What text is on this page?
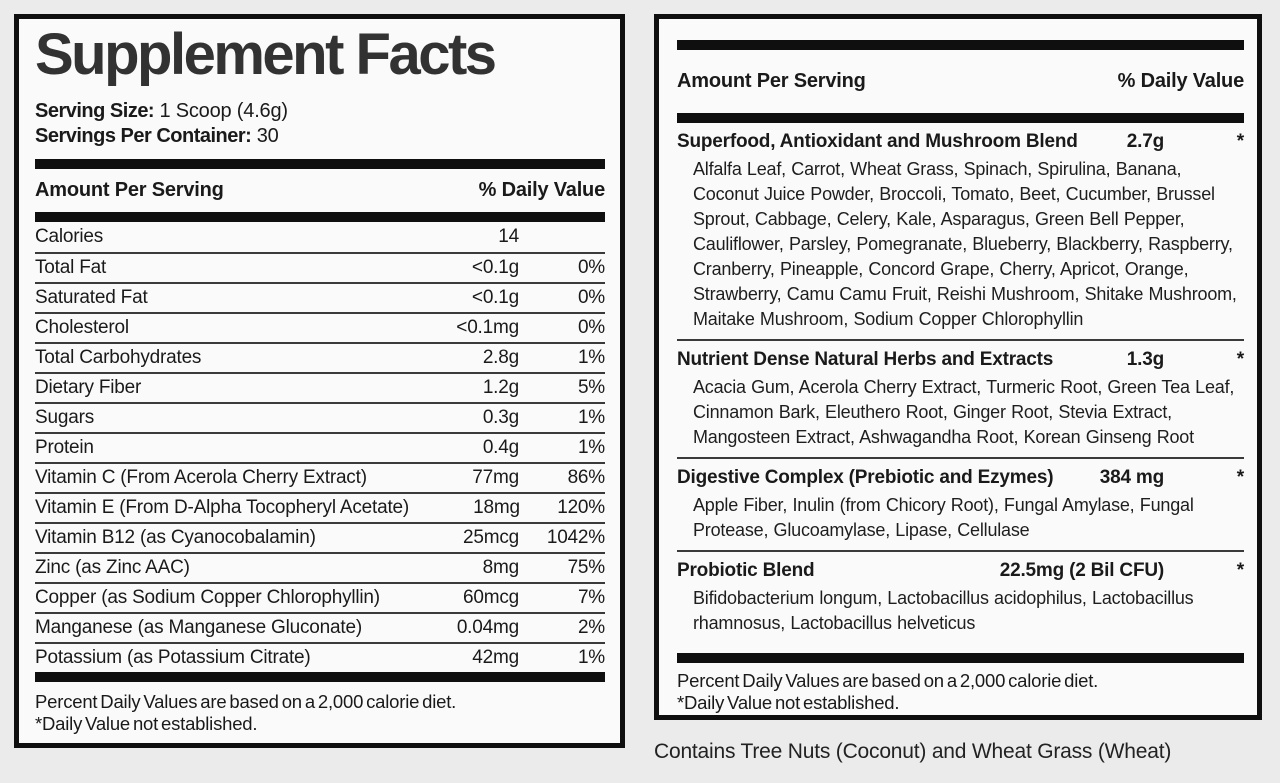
Supplement Facts
Serving Size: 1 Scoop (4.6g)
Servings Per Container: 30
Amount Per Serving	% Daily Value
Calories	14
Total Fat	<0.1g	0%
Saturated Fat	<0.1g	0%
Cholesterol	<0.1mg	0%
Total Carbohydrates	2.8g	1%
Dietary Fiber	1.2g	5%
Sugars	0.3g	1%
Protein	0.4g	1%
Vitamin C (From Acerola Cherry Extract)	77mg	86%
Vitamin E (From D-Alpha Tocopheryl Acetate)	18mg	120%
Vitamin B12 (as Cyanocobalamin)	25mcg	1042%
Zinc (as Zinc AAC)	8mg	75%
Copper (as Sodium Copper Chlorophyllin)	60mcg	7%
Manganese (as Manganese Gluconate)	0.04mg	2%
Potassium (as Potassium Citrate)	42mg	1%
Percent Daily Values are based on a 2,000 calorie diet.
*Daily Value not established.
Amount Per Serving	% Daily Value
Superfood, Antioxidant and Mushroom Blend	2.7g	*
Alfalfa Leaf, Carrot, Wheat Grass, Spinach, Spirulina, Banana, Coconut Juice Powder, Broccoli, Tomato, Beet, Cucumber, Brussel Sprout, Cabbage, Celery, Kale, Asparagus, Green Bell Pepper, Cauliflower, Parsley, Pomegranate, Blueberry, Blackberry, Raspberry, Cranberry, Pineapple, Concord Grape, Cherry, Apricot, Orange, Strawberry, Camu Camu Fruit, Reishi Mushroom, Shitake Mushroom, Maitake Mushroom, Sodium Copper Chlorophyllin
Nutrient Dense Natural Herbs and Extracts	1.3g	*
Acacia Gum, Acerola Cherry Extract, Turmeric Root, Green Tea Leaf, Cinnamon Bark, Eleuthero Root, Ginger Root, Stevia Extract, Mangosteen Extract, Ashwagandha Root, Korean Ginseng Root
Digestive Complex (Prebiotic and Ezymes)	384 mg	*
Apple Fiber, Inulin (from Chicory Root), Fungal Amylase, Fungal Protease, Glucoamylase, Lipase, Cellulase
Probiotic Blend	22.5mg (2 Bil CFU)	*
Bifidobacterium longum, Lactobacillus acidophilus, Lactobacillus rhamnosus, Lactobacillus helveticus
Percent Daily Values are based on a 2,000 calorie diet.
*Daily Value not established.
Contains Tree Nuts (Coconut) and Wheat Grass (Wheat)
